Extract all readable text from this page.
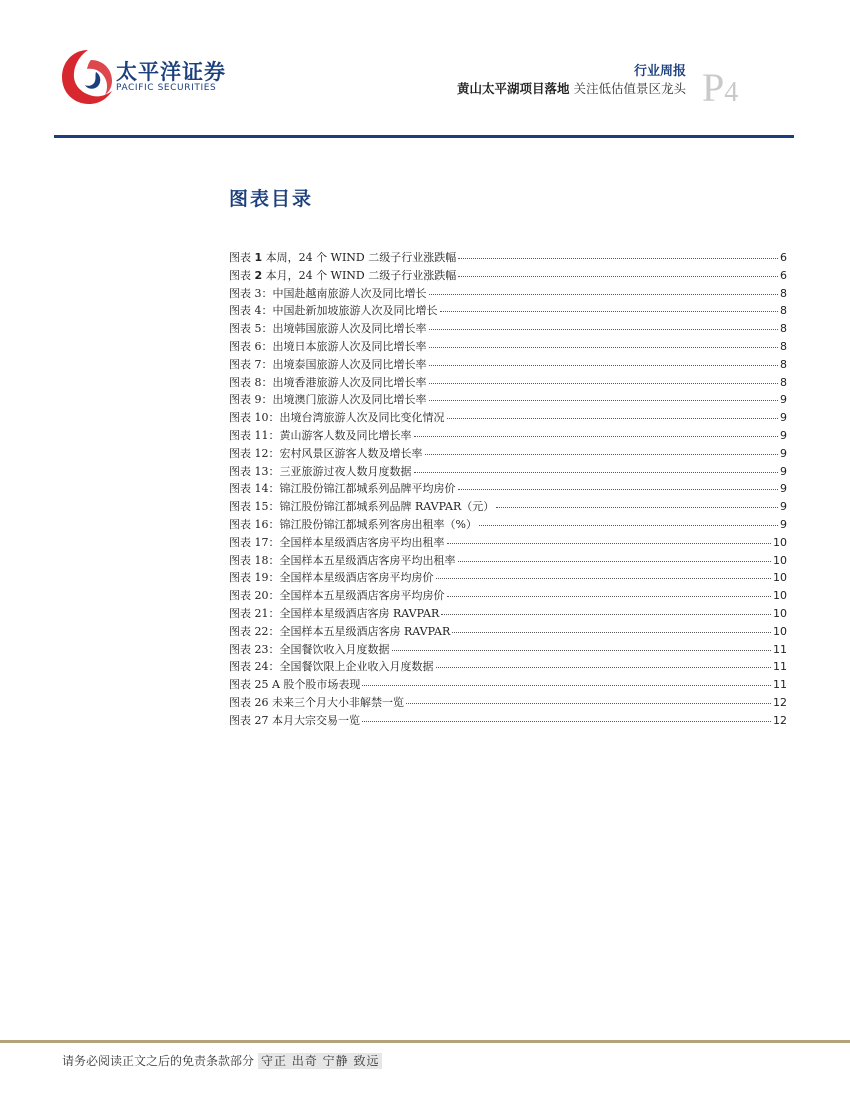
太平洋证券
PACIFIC SECURITIES
行业周报
黄山太平湖项目落地 关注低估值景区龙头 P4
图表目录
图表 1 本周，24 个 WIND 二级子行业涨跌幅	6
图表 2 本月，24 个 WIND 二级子行业涨跌幅	6
图表 3：中国赴越南旅游人次及同比增长	8
图表 4：中国赴新加坡旅游人次及同比增长	8
图表 5：出境韩国旅游人次及同比增长率	8
图表 6：出境日本旅游人次及同比增长率	8
图表 7：出境泰国旅游人次及同比增长率	8
图表 8：出境香港旅游人次及同比增长率	8
图表 9：出境澳门旅游人次及同比增长率	9
图表 10：出境台湾旅游人次及同比变化情况	9
图表 11：黄山游客人数及同比增长率	9
图表 12：宏村风景区游客人数及增长率	9
图表 13：三亚旅游过夜人数月度数据	9
图表 14：锦江股份锦江都城系列品牌平均房价	9
图表 15：锦江股份锦江都城系列品牌 RAVPAR（元）	9
图表 16：锦江股份锦江都城系列客房出租率（%）	9
图表 17：全国样本星级酒店客房平均出租率	10
图表 18：全国样本五星级酒店客房平均出租率	10
图表 19：全国样本星级酒店客房平均房价	10
图表 20：全国样本五星级酒店客房平均房价	10
图表 21：全国样本星级酒店客房 RAVPAR	10
图表 22：全国样本五星级酒店客房 RAVPAR	10
图表 23：全国餐饮收入月度数据	11
图表 24：全国餐饮限上企业收入月度数据	11
图表 25 A 股个股市场表现	11
图表 26 未来三个月大小非解禁一览	12
图表 27 本月大宗交易一览	12
请务必阅读正文之后的免责条款部分 守正 出奇 宁静 致远
